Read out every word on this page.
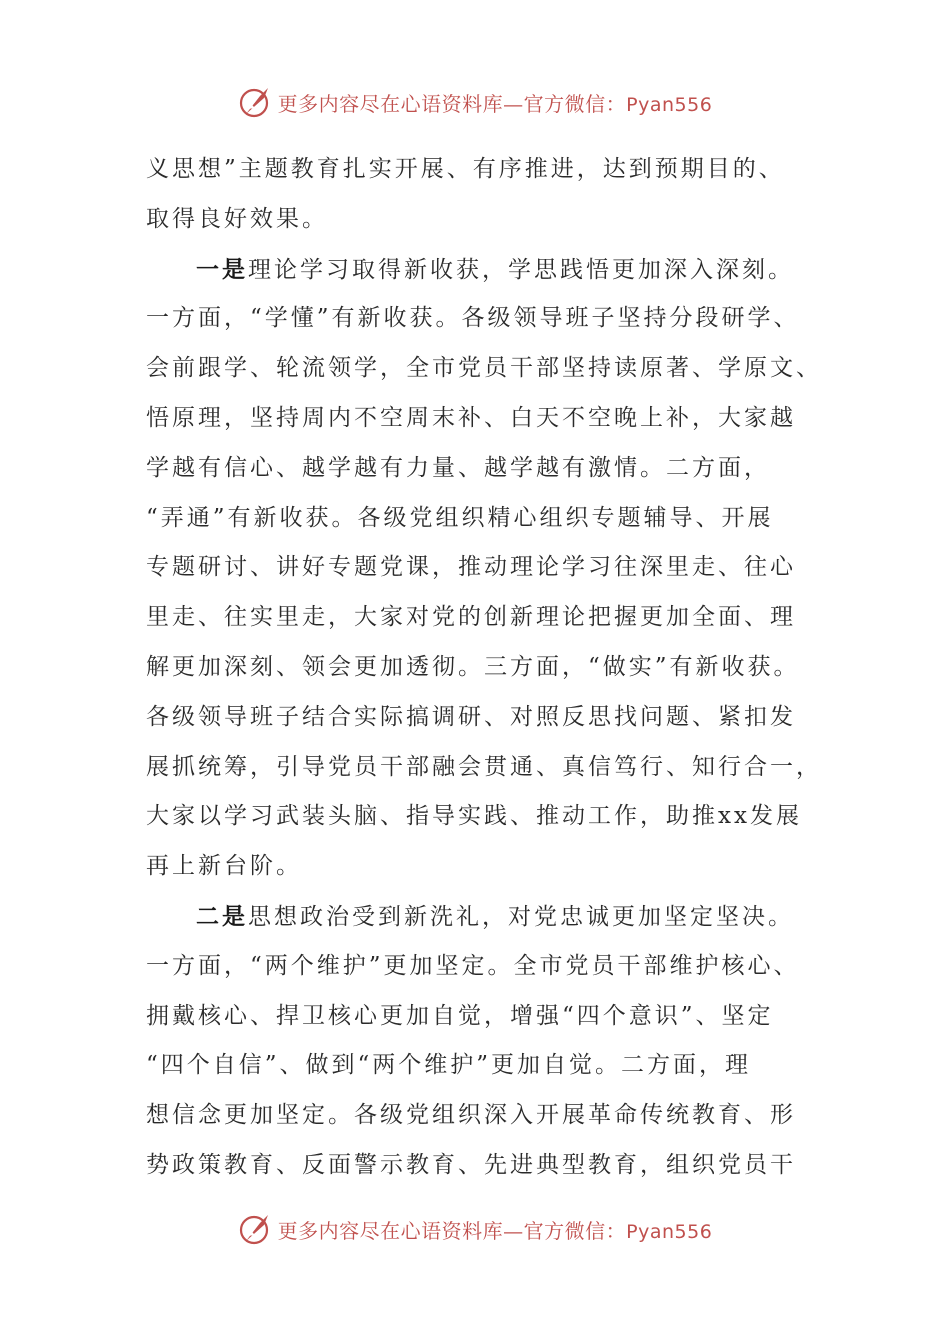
更多内容尽在心语资料库—官方微信：Pyan556
义思想”主题教育扎实开展、有序推进，达到预期目的、
取得良好效果。
一是理论学习取得新收获，学思践悟更加深入深刻。
一方面，“学懂”有新收获。各级领导班子坚持分段研学、
会前跟学、轮流领学，全市党员干部坚持读原著、学原文、
悟原理，坚持周内不空周末补、白天不空晚上补，大家越
学越有信心、越学越有力量、越学越有激情。二方面，
“弄通”有新收获。各级党组织精心组织专题辅导、开展
专题研讨、讲好专题党课，推动理论学习往深里走、往心
里走、往实里走，大家对党的创新理论把握更加全面、理
解更加深刻、领会更加透彻。三方面，“做实”有新收获。
各级领导班子结合实际搞调研、对照反思找问题、紧扣发
展抓统筹，引导党员干部融会贯通、真信笃行、知行合一，
大家以学习武装头脑、指导实践、推动工作，助推xx发展
再上新台阶。
二是思想政治受到新洗礼，对党忠诚更加坚定坚决。
一方面，“两个维护”更加坚定。全市党员干部维护核心、
拥戴核心、捍卫核心更加自觉，增强“四个意识”、坚定
“四个自信”、做到“两个维护”更加自觉。二方面，理
想信念更加坚定。各级党组织深入开展革命传统教育、形
势政策教育、反面警示教育、先进典型教育，组织党员干
更多内容尽在心语资料库—官方微信：Pyan556
